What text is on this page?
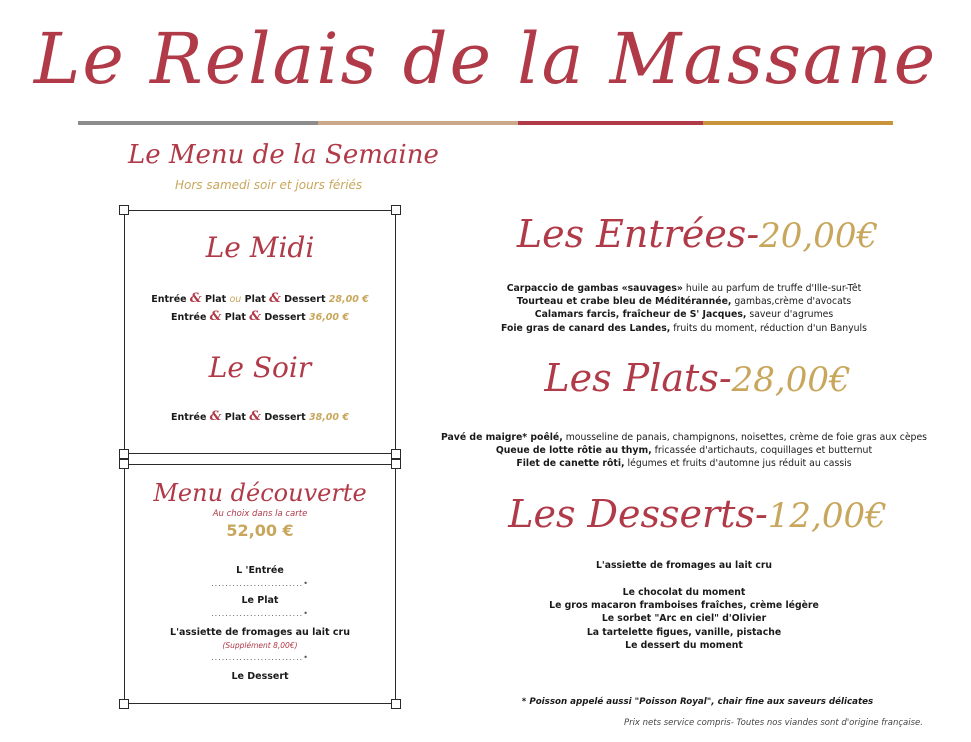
Le Relais de la Massane
Le Menu de la Semaine
Hors samedi soir et jours fériés
Le Midi
Entrée & Plat ou Plat & Dessert 28,00 €
Entrée & Plat & Dessert 36,00 €
Le Soir
Entrée & Plat & Dessert 38,00 €
Menu découverte
Au choix dans la carte
52,00 €
L 'Entrée
..........................•
Le Plat
..........................•
L'assiette de fromages au lait cru
(Supplément 8,00€)
..........................•
Le Dessert
Les Entrées-20,00€
Carpaccio de gambas «sauvages» huile au parfum de truffe d'Ille-sur-Têt
Tourteau et crabe bleu de Méditérannée, gambas,crème d'avocats
Calamars farcis, fraîcheur de S' Jacques, saveur d'agrumes
Foie gras de canard des Landes, fruits du moment, réduction d'un Banyuls
Les Plats-28,00€
Pavé de maigre* poêlé, mousseline de panais, champignons, noisettes, crème de foie gras aux cèpes
Queue de lotte rôtie au thym, fricassée d'artichauts, coquillages et butternut
Filet de canette rôti, légumes et fruits d'automne jus réduit au cassis
Les Desserts-12,00€
L'assiette de fromages au lait cru
Le chocolat du moment
Le gros macaron framboises fraîches, crème légère
Le sorbet "Arc en ciel" d'Olivier
La tartelette figues, vanille, pistache
Le dessert du moment
* Poisson appelé aussi "Poisson Royal", chair fine aux saveurs délicates
Prix nets service compris- Toutes nos viandes sont d'origine française.
